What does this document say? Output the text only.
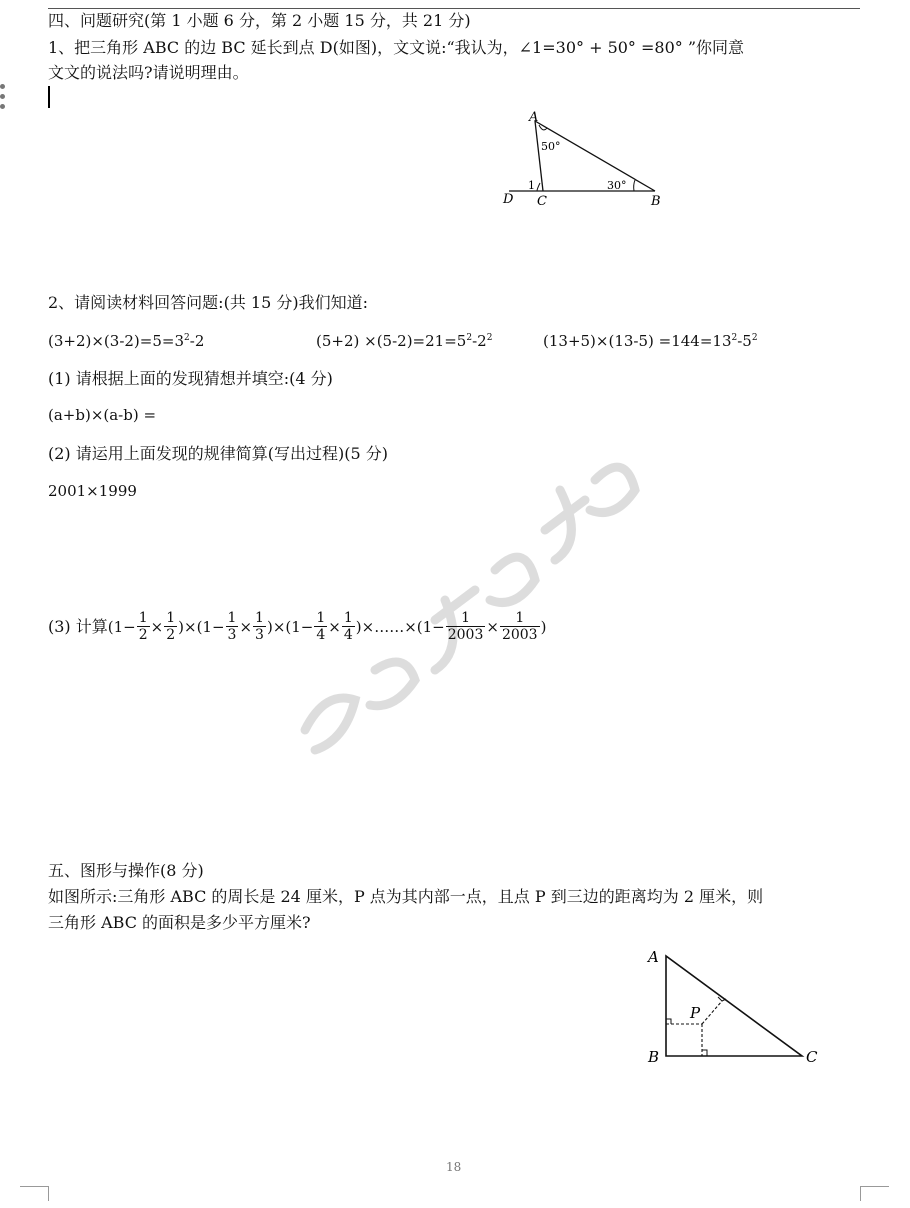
四、问题研究(第 1 小题 6 分，第 2 小题 15 分，共 21 分)
1、把三角形 ABC 的边 BC 延长到点 D(如图)，文文说:“我认为，∠1=30° + 50° =80° ”你同意
文文的说法吗?请说明理由。
A
B
C
D
1
50°
30°
2、请阅读材料回答问题:(共 15 分)我们知道:
$(3+2)\times(3-2)=5=3^2-2$	$(5+2) \times(5-2)=21=5^2-2^2$	$(13+5)\times(13-5) =144=13^2-5^2$
(1) 请根据上面的发现猜想并填空:(4 分)
(a+b)×(a-b) =
(2) 请运用上面发现的规律简算(写出过程)(5 分)
2001×1999
(3) 计算 $(1- \frac{1}{2} \times \frac{1}{2} )\times(1- \frac{1}{3} \times \frac{1}{3} )\times(1- \frac{1}{4} \times \frac{1}{4}$ )×……×(1− $\frac{1}{2003} \times \frac{1}{2003}$ )
五、图形与操作(8 分)
如图所示:三角形 ABC 的周长是 24 厘米，P 点为其内部一点，且点 P 到三边的距离均为 2 厘米，则
三角形 ABC 的面积是多少平方厘米?
A
B	C
P
18
